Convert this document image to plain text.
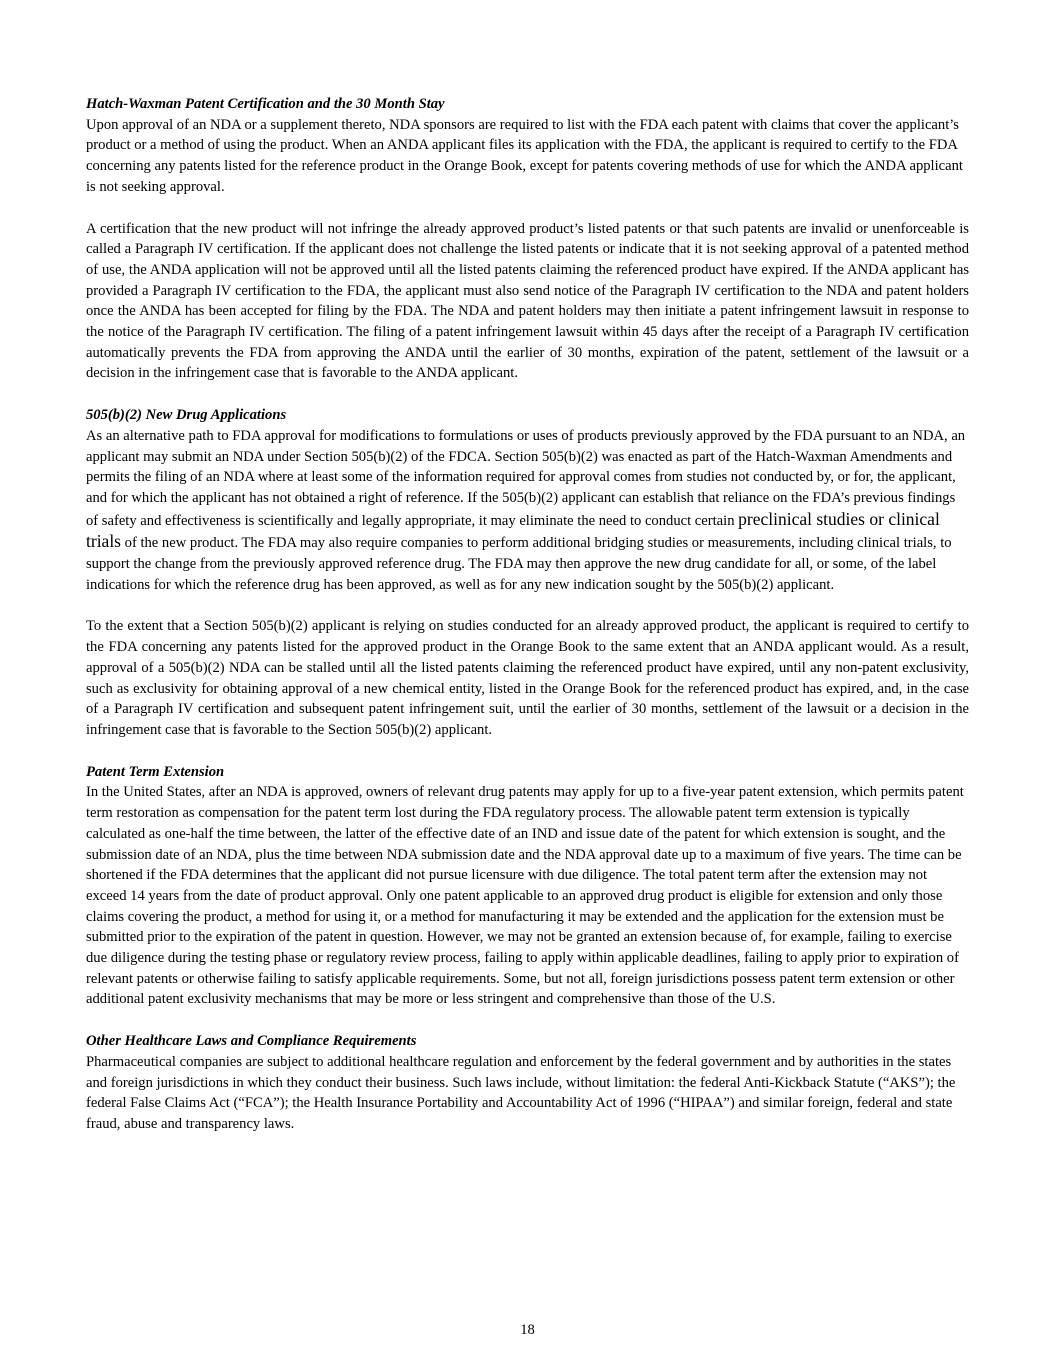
Hatch-Waxman Patent Certification and the 30 Month Stay

Upon approval of an NDA or a supplement thereto, NDA sponsors are required to list with the FDA each patent with claims that cover the applicant’s product or a method of using the product. When an ANDA applicant files its application with the FDA, the applicant is required to certify to the FDA concerning any patents listed for the reference product in the Orange Book, except for patents covering methods of use for which the ANDA applicant is not seeking approval.

A certification that the new product will not infringe the already approved product’s listed patents or that such patents are invalid or unenforceable is called a Paragraph IV certification. If the applicant does not challenge the listed patents or indicate that it is not seeking approval of a patented method of use, the ANDA application will not be approved until all the listed patents claiming the referenced product have expired. If the ANDA applicant has provided a Paragraph IV certification to the FDA, the applicant must also send notice of the Paragraph IV certification to the NDA and patent holders once the ANDA has been accepted for filing by the FDA. The NDA and patent holders may then initiate a patent infringement lawsuit in response to the notice of the Paragraph IV certification. The filing of a patent infringement lawsuit within 45 days after the receipt of a Paragraph IV certification automatically prevents the FDA from approving the ANDA until the earlier of 30 months, expiration of the patent, settlement of the lawsuit or a decision in the infringement case that is favorable to the ANDA applicant.

505(b)(2) New Drug Applications

As an alternative path to FDA approval for modifications to formulations or uses of products previously approved by the FDA pursuant to an NDA, an applicant may submit an NDA under Section 505(b)(2) of the FDCA. Section 505(b)(2) was enacted as part of the Hatch-Waxman Amendments and permits the filing of an NDA where at least some of the information required for approval comes from studies not conducted by, or for, the applicant, and for which the applicant has not obtained a right of reference. If the 505(b)(2) applicant can establish that reliance on the FDA’s previous findings of safety and effectiveness is scientifically and legally appropriate, it may eliminate the need to conduct certain preclinical studies or clinical trials of the new product. The FDA may also require companies to perform additional bridging studies or measurements, including clinical trials, to support the change from the previously approved reference drug. The FDA may then approve the new drug candidate for all, or some, of the label indications for which the reference drug has been approved, as well as for any new indication sought by the 505(b)(2) applicant.

To the extent that a Section 505(b)(2) applicant is relying on studies conducted for an already approved product, the applicant is required to certify to the FDA concerning any patents listed for the approved product in the Orange Book to the same extent that an ANDA applicant would. As a result, approval of a 505(b)(2) NDA can be stalled until all the listed patents claiming the referenced product have expired, until any non-patent exclusivity, such as exclusivity for obtaining approval of a new chemical entity, listed in the Orange Book for the referenced product has expired, and, in the case of a Paragraph IV certification and subsequent patent infringement suit, until the earlier of 30 months, settlement of the lawsuit or a decision in the infringement case that is favorable to the Section 505(b)(2) applicant.

Patent Term Extension

In the United States, after an NDA is approved, owners of relevant drug patents may apply for up to a five-year patent extension, which permits patent term restoration as compensation for the patent term lost during the FDA regulatory process. The allowable patent term extension is typically calculated as one-half the time between, the latter of the effective date of an IND and issue date of the patent for which extension is sought, and the submission date of an NDA, plus the time between NDA submission date and the NDA approval date up to a maximum of five years. The time can be shortened if the FDA determines that the applicant did not pursue licensure with due diligence. The total patent term after the extension may not exceed 14 years from the date of product approval. Only one patent applicable to an approved drug product is eligible for extension and only those claims covering the product, a method for using it, or a method for manufacturing it may be extended and the application for the extension must be submitted prior to the expiration of the patent in question. However, we may not be granted an extension because of, for example, failing to exercise due diligence during the testing phase or regulatory review process, failing to apply within applicable deadlines, failing to apply prior to expiration of relevant patents or otherwise failing to satisfy applicable requirements. Some, but not all, foreign jurisdictions possess patent term extension or other additional patent exclusivity mechanisms that may be more or less stringent and comprehensive than those of the U.S.

Other Healthcare Laws and Compliance Requirements

Pharmaceutical companies are subject to additional healthcare regulation and enforcement by the federal government and by authorities in the states and foreign jurisdictions in which they conduct their business. Such laws include, without limitation: the federal Anti-Kickback Statute (“AKS”); the federal False Claims Act (“FCA”); the Health Insurance Portability and Accountability Act of 1996 (“HIPAA”) and similar foreign, federal and state fraud, abuse and transparency laws.

18
